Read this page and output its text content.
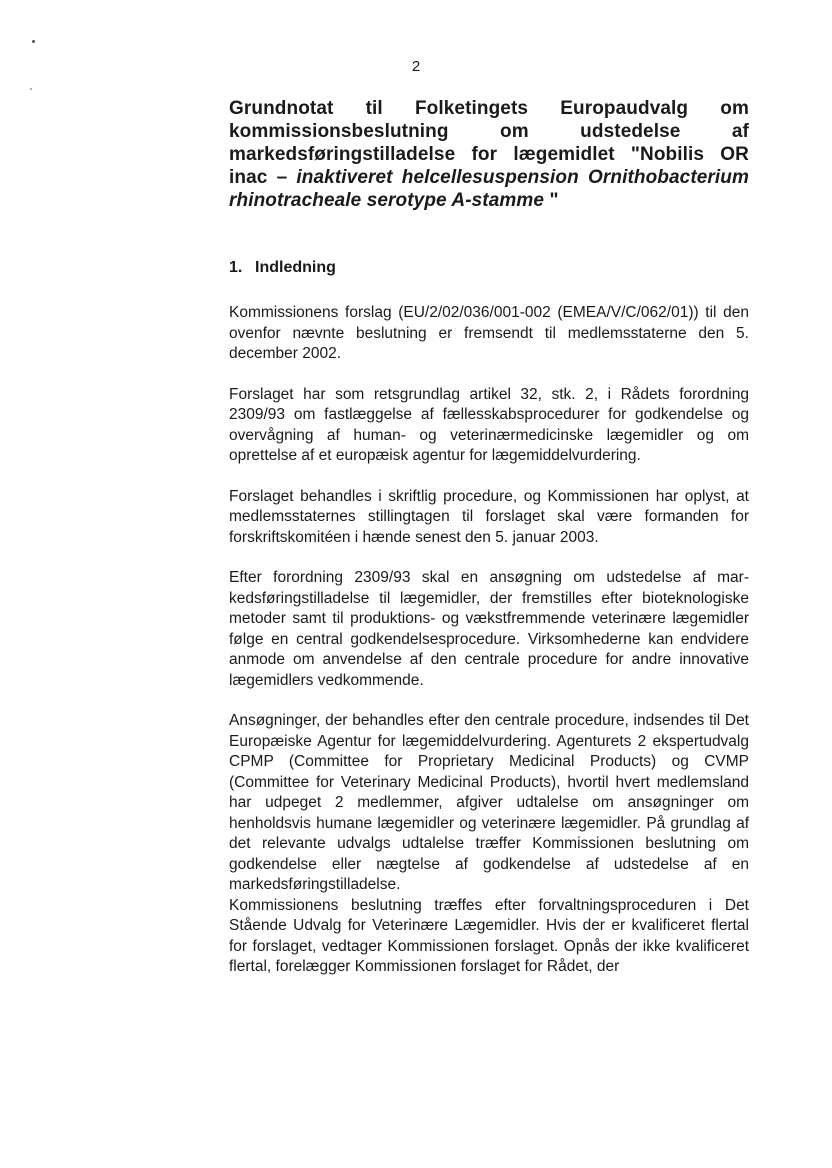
2
Grundnotat til Folketingets Europaudvalg om kommissionsbeslutning om udstedelse af markedsføringstilladelse for lægemidlet "Nobilis OR inac – inaktiveret helcellesuspension Ornithobacterium rhinotracheale serotype A-stamme "
1. Indledning

Kommissionens forslag (EU/2/02/036/001-002 (EMEA/V/C/062/01)) til den ovenfor nævnte beslutning er fremsendt til medlemsstaterne den 5. december 2002.

Forslaget har som retsgrundlag artikel 32, stk. 2, i Rådets forordning 2309/93 om fastlæggelse af fællesskabsprocedurer for godkendelse og overvågning af human- og veterinærmedicinske lægemidler og om oprettelse af et europæisk agentur for lægemiddelvurdering.

Forslaget behandles i skriftlig procedure, og Kommissionen har oplyst, at medlemsstaternes stillingtagen til forslaget skal være formanden for forskriftskomitéen i hænde senest den 5. januar 2003.

Efter forordning 2309/93 skal en ansøgning om udstedelse af markedsføringstilladelse til lægemidler, der fremstilles efter bioteknologiske metoder samt til produktions- og vækstfremmende veterinære lægemidler følge en central godkendelsesprocedure. Virksomhederne kan endvidere anmode om anvendelse af den centrale procedure for andre innovative lægemidlers vedkommende.

Ansøgninger, der behandles efter den centrale procedure, indsendes til Det Europæiske Agentur for lægemiddelvurdering. Agenturets 2 ekspertudvalg CPMP (Committee for Proprietary Medicinal Products) og CVMP (Committee for Veterinary Medicinal Products), hvortil hvert medlemsland har udpeget 2 medlemmer, afgiver udtalelse om ansøgninger om henholdsvis humane lægemidler og veterinære lægemidler. På grundlag af det relevante udvalgs udtalelse træffer Kommissionen beslutning om godkendelse eller nægtelse af godkendelse af udstedelse af en markedsføringstilladelse.

Kommissionens beslutning træffes efter forvaltningsproceduren i Det Stående Udvalg for Veterinære Lægemidler. Hvis der er kvalificeret flertal for forslaget, vedtager Kommissionen forslaget. Opnås der ikke kvalificeret flertal, forelægger Kommissionen forslaget for Rådet, der
